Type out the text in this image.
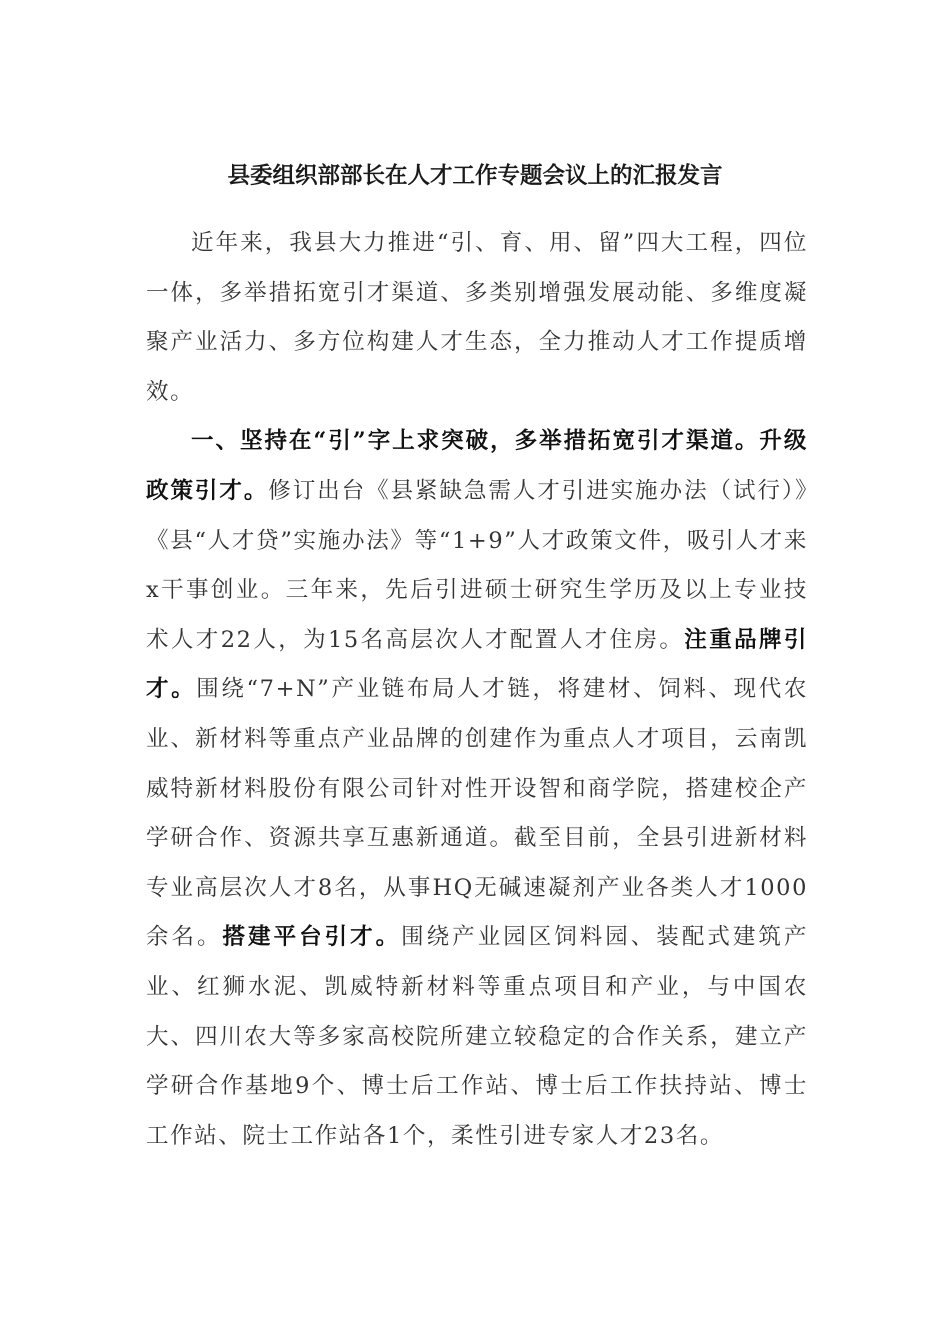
县委组织部部长在人才工作专题会议上的汇报发言

近年来，我县大力推进“引、育、用、留”四大工程，四位一体，多举措拓宽引才渠道、多类别增强发展动能、多维度凝聚产业活力、多方位构建人才生态，全力推动人才工作提质增效。

一、坚持在“引”字上求突破，多举措拓宽引才渠道。升级政策引才。修订出台《县紧缺急需人才引进实施办法（试行）》《县“人才贷”实施办法》等“1+9”人才政策文件，吸引人才来x干事创业。三年来，先后引进硕士研究生学历及以上专业技术人才22人，为15名高层次人才配置人才住房。注重品牌引才。围绕“7+N”产业链布局人才链，将建材、饲料、现代农业、新材料等重点产业品牌的创建作为重点人才项目，云南凯威特新材料股份有限公司针对性开设智和商学院，搭建校企产学研合作、资源共享互惠新通道。截至目前，全县引进新材料专业高层次人才8名，从事HQ无碱速凝剂产业各类人才1000余名。搭建平台引才。围绕产业园区饲料园、装配式建筑产业、红狮水泥、凯威特新材料等重点项目和产业，与中国农大、四川农大等多家高校院所建立较稳定的合作关系，建立产学研合作基地9个、博士后工作站、博士后工作扶持站、博士工作站、院士工作站各1个，柔性引进专家人才23名。
